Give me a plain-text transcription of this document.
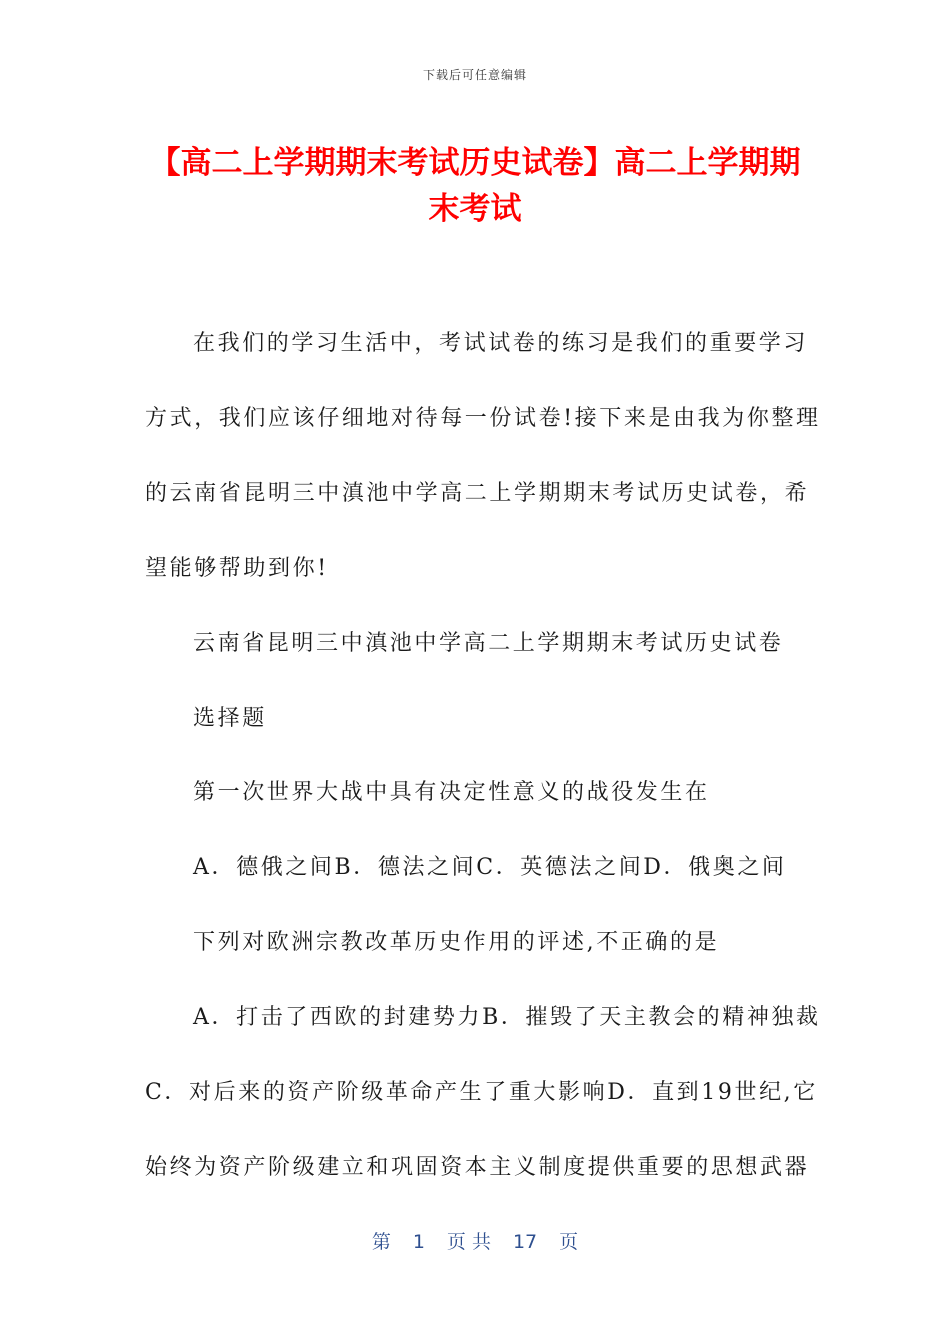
下载后可任意编辑
【高二上学期期末考试历史试卷】高二上学期期末考试
在我们的学习生活中，考试试卷的练习是我们的重要学习
方式，我们应该仔细地对待每一份试卷!接下来是由我为你整理
的云南省昆明三中滇池中学高二上学期期末考试历史试卷，希
望能够帮助到你!
云南省昆明三中滇池中学高二上学期期末考试历史试卷
选择题
第一次世界大战中具有决定性意义的战役发生在
A．德俄之间B．德法之间C．英德法之间D．俄奥之间
下列对欧洲宗教改革历史作用的评述,不正确的是
A．打击了西欧的封建势力B．摧毁了天主教会的精神独裁
C．对后来的资产阶级革命产生了重大影响D．直到19世纪,它
始终为资产阶级建立和巩固资本主义制度提供重要的思想武器
第 1 页 共 17 页
